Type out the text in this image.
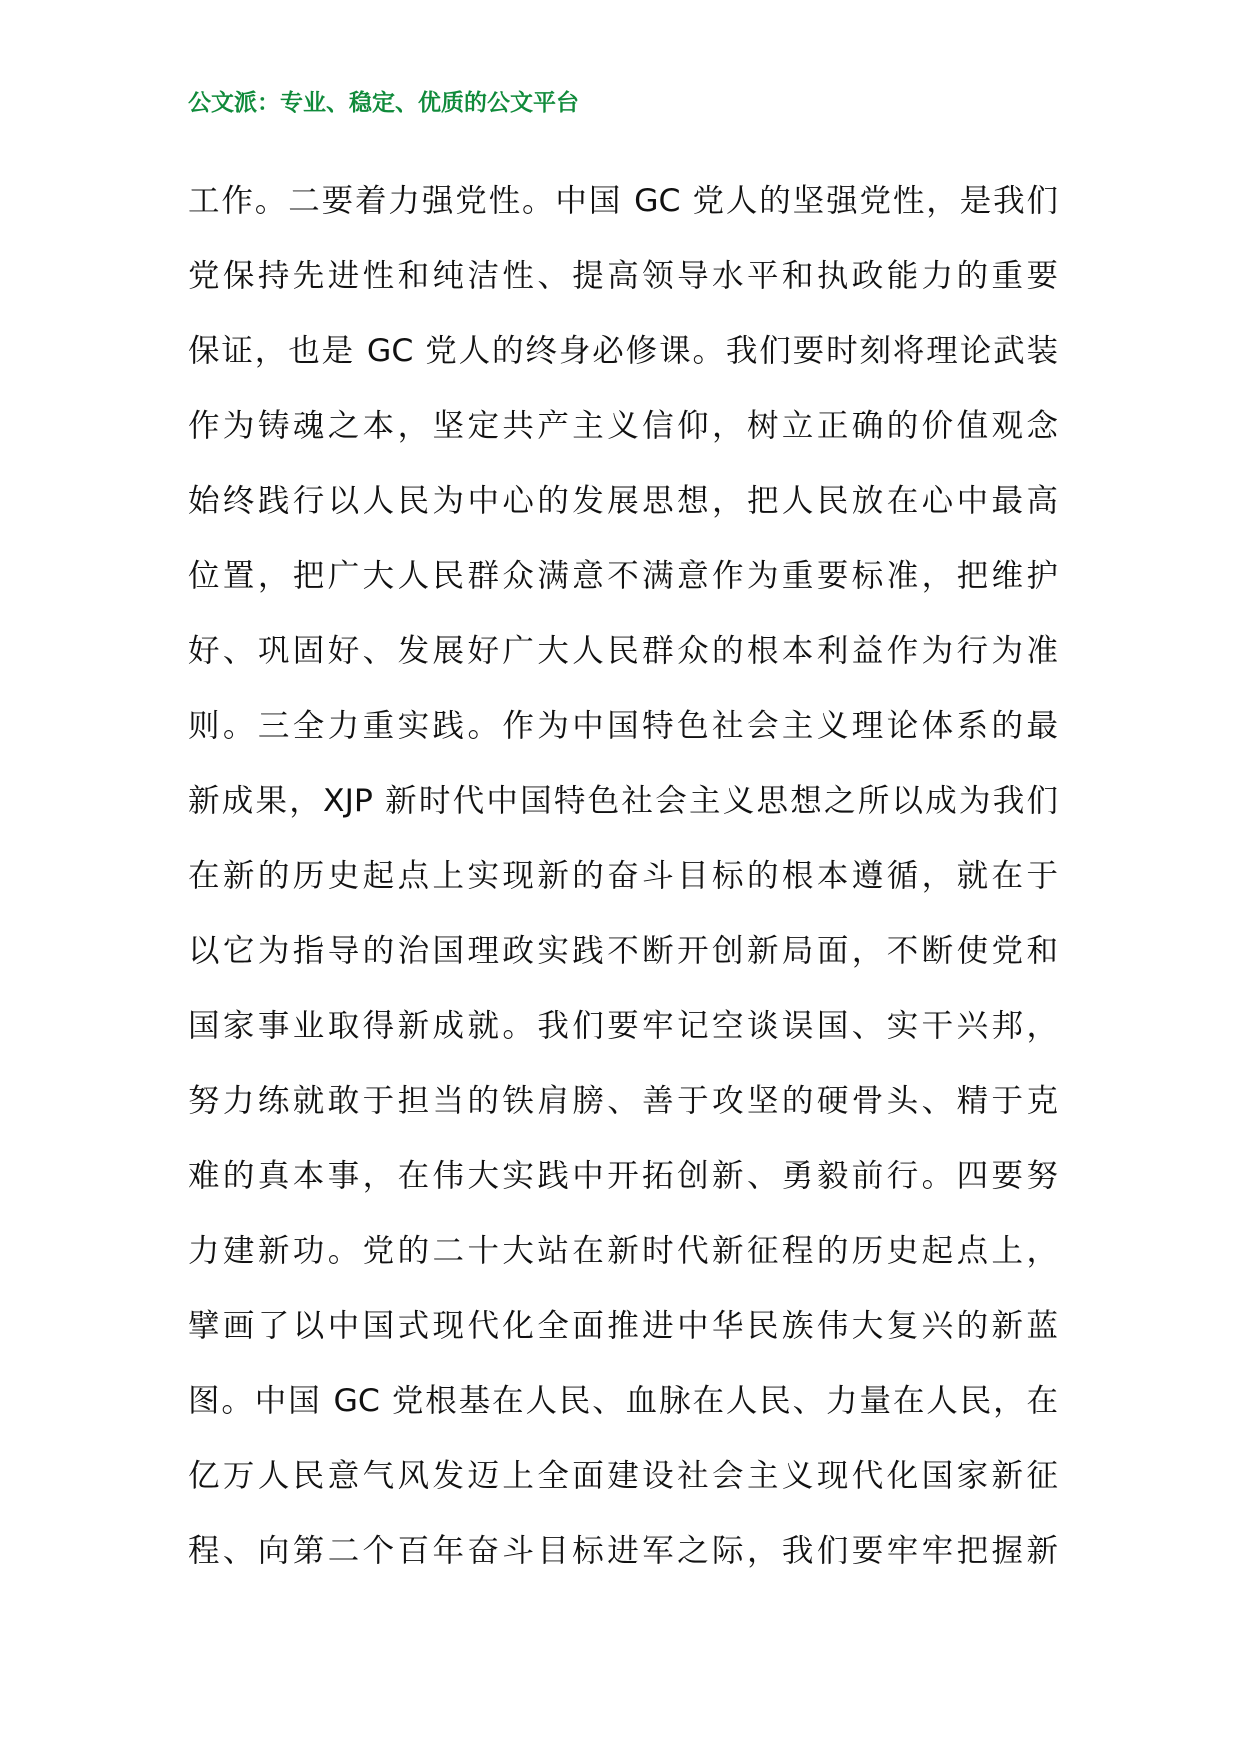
公文派：专业、稳定、优质的公文平台
工作。二要着力强党性。中国 GC 党人的坚强党性，是我们
党保持先进性和纯洁性、提高领导水平和执政能力的重要
保证，也是 GC 党人的终身必修课。我们要时刻将理论武装
作为铸魂之本，坚定共产主义信仰，树立正确的价值观念
始终践行以人民为中心的发展思想，把人民放在心中最高
位置，把广大人民群众满意不满意作为重要标准，把维护
好、巩固好、发展好广大人民群众的根本利益作为行为准
则。三全力重实践。作为中国特色社会主义理论体系的最
新成果，XJP 新时代中国特色社会主义思想之所以成为我们
在新的历史起点上实现新的奋斗目标的根本遵循，就在于
以它为指导的治国理政实践不断开创新局面，不断使党和
国家事业取得新成就。我们要牢记空谈误国、实干兴邦，
努力练就敢于担当的铁肩膀、善于攻坚的硬骨头、精于克
难的真本事，在伟大实践中开拓创新、勇毅前行。四要努
力建新功。党的二十大站在新时代新征程的历史起点上，
擘画了以中国式现代化全面推进中华民族伟大复兴的新蓝
图。中国 GC 党根基在人民、血脉在人民、力量在人民，在
亿万人民意气风发迈上全面建设社会主义现代化国家新征
程、向第二个百年奋斗目标进军之际，我们要牢牢把握新
